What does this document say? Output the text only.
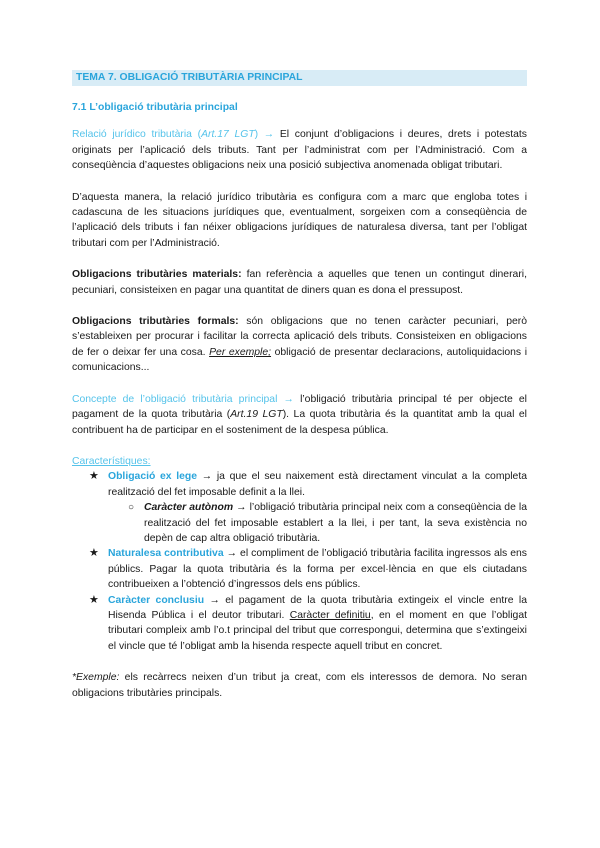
TEMA 7. OBLIGACIÓ TRIBUTÀRIA PRINCIPAL
7.1 L’obligació tributària principal

Relació jurídico tributària (Art.17 LGT) → El conjunt d’obligacions i deures, drets i potestats originats per l’aplicació dels tributs. Tant per l’administrat com per l’Administració. Com a conseqüència d’aquestes obligacions neix una posició subjectiva anomenada obligat tributari.

D’aquesta manera, la relació jurídico tributària es configura com a marc que engloba totes i cadascuna de les situacions jurídiques que, eventualment, sorgeixen com a conseqüència de l’aplicació dels tributs i fan néixer obligacions jurídiques de naturalesa diversa, tant per l’obligat tributari com per l’Administració.

Obligacions tributàries materials: fan referència a aquelles que tenen un contingut dinerari, pecuniari, consisteixen en pagar una quantitat de diners quan es dona el pressupost.

Obligacions tributàries formals: són obligacions que no tenen caràcter pecuniari, però s’estableixen per procurar i facilitar la correcta aplicació dels tributs. Consisteixen en obligacions de fer o deixar fer una cosa. Per exemple; obligació de presentar declaracions, autoliquidacions i comunicacions...

Concepte de l’obligació tributària principal → l’obligació tributària principal té per objecte el pagament de la quota tributària (Art.19 LGT). La quota tributària és la quantitat amb la qual el contribuent ha de participar en el sosteniment de la despesa pública.

Característiques:
★ Obligació ex lege → ja que el seu naixement està directament vinculat a la completa realització del fet imposable definit a la llei.
○ Caràcter autònom → l’obligació tributària principal neix com a conseqüència de la realització del fet imposable establert a la llei, i per tant, la seva existència no depèn de cap altra obligació tributària.
★ Naturalesa contributiva → el compliment de l’obligació tributària facilita ingressos als ens públics. Pagar la quota tributària és la forma per excel·lència en que els ciutadans contribueixen a l’obtenció d’ingressos dels ens públics.
★ Caràcter conclusiu → el pagament de la quota tributària extingeix el vincle entre la Hisenda Pública i el deutor tributari. Caràcter definitiu, en el moment en que l’obligat tributari compleix amb l’o.t principal del tribut que correspongui, determina que s’extingeixi el vincle que té l’obligat amb la hisenda respecte aquell tribut en concret.

*Exemple: els recàrrecs neixen d’un tribut ja creat, com els interessos de demora. No seran obligacions tributàries principals.
